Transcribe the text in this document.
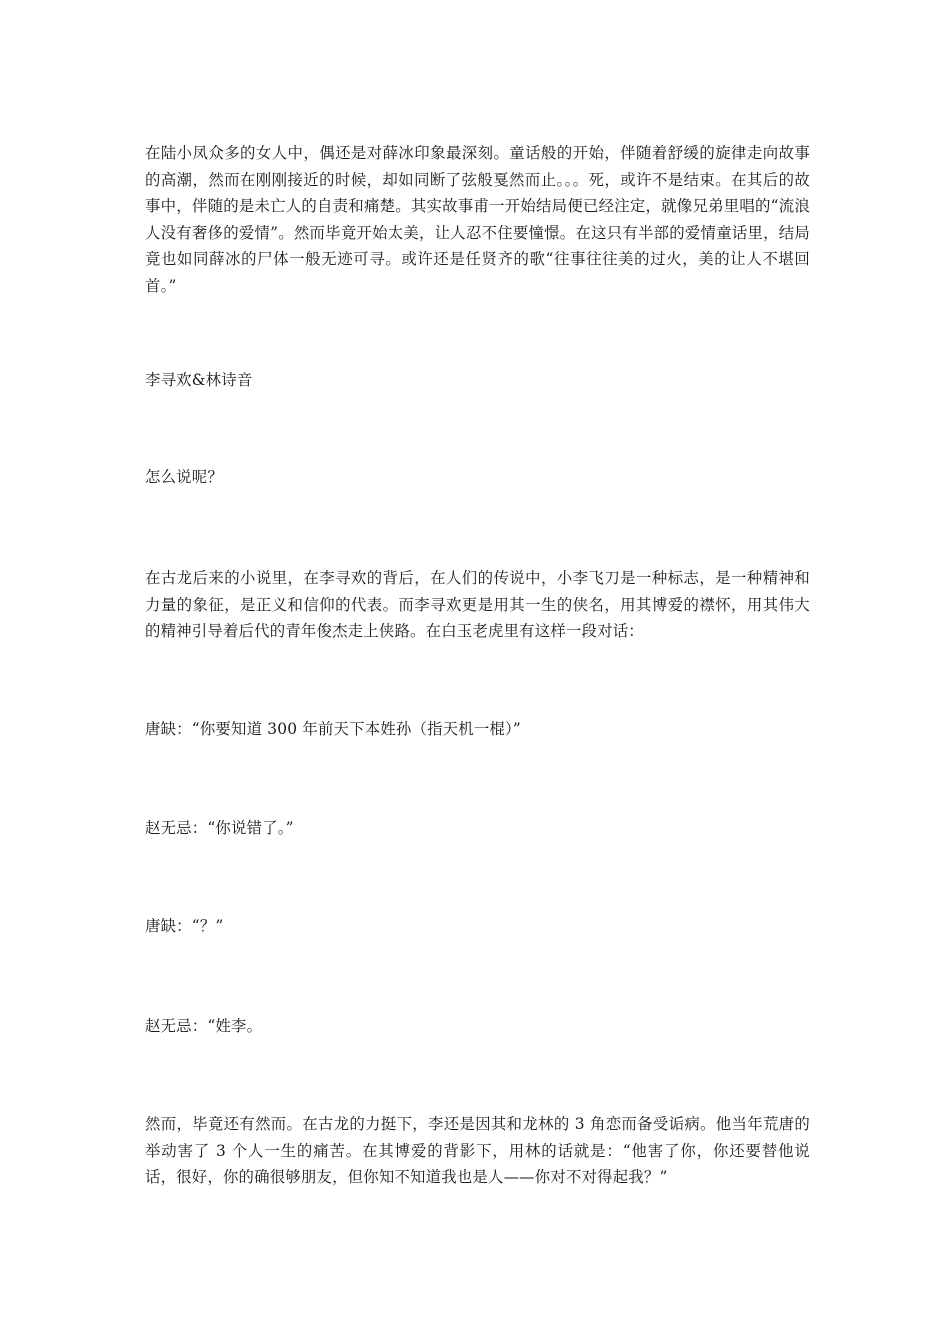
在陆小凤众多的女人中，偶还是对薛冰印象最深刻。童话般的开始，伴随着舒缓的旋律走向故事的高潮，然而在刚刚接近的时候，却如同断了弦般戛然而止。。。死，或许不是结束。在其后的故事中，伴随的是未亡人的自责和痛楚。其实故事甫一开始结局便已经注定，就像兄弟里唱的“流浪人没有奢侈的爱情”。然而毕竟开始太美，让人忍不住要憧憬。在这只有半部的爱情童话里，结局竟也如同薛冰的尸体一般无迹可寻。或许还是任贤齐的歌“往事往往美的过火，美的让人不堪回首。”

李寻欢&林诗音

怎么说呢？

在古龙后来的小说里，在李寻欢的背后，在人们的传说中，小李飞刀是一种标志，是一种精神和力量的象征，是正义和信仰的代表。而李寻欢更是用其一生的侠名，用其博爱的襟怀，用其伟大的精神引导着后代的青年俊杰走上侠路。在白玉老虎里有这样一段对话：

唐缺：“你要知道 300 年前天下本姓孙（指天机一棍）”

赵无忌：“你说错了。”

唐缺：“？”

赵无忌：“姓李。

然而，毕竟还有然而。在古龙的力挺下，李还是因其和龙林的 3 角恋而备受诟病。他当年荒唐的举动害了 3 个人一生的痛苦。在其博爱的背影下，用林的话就是：“他害了你，你还要替他说话，很好，你的确很够朋友，但你知不知道我也是人——你对不对得起我？”
